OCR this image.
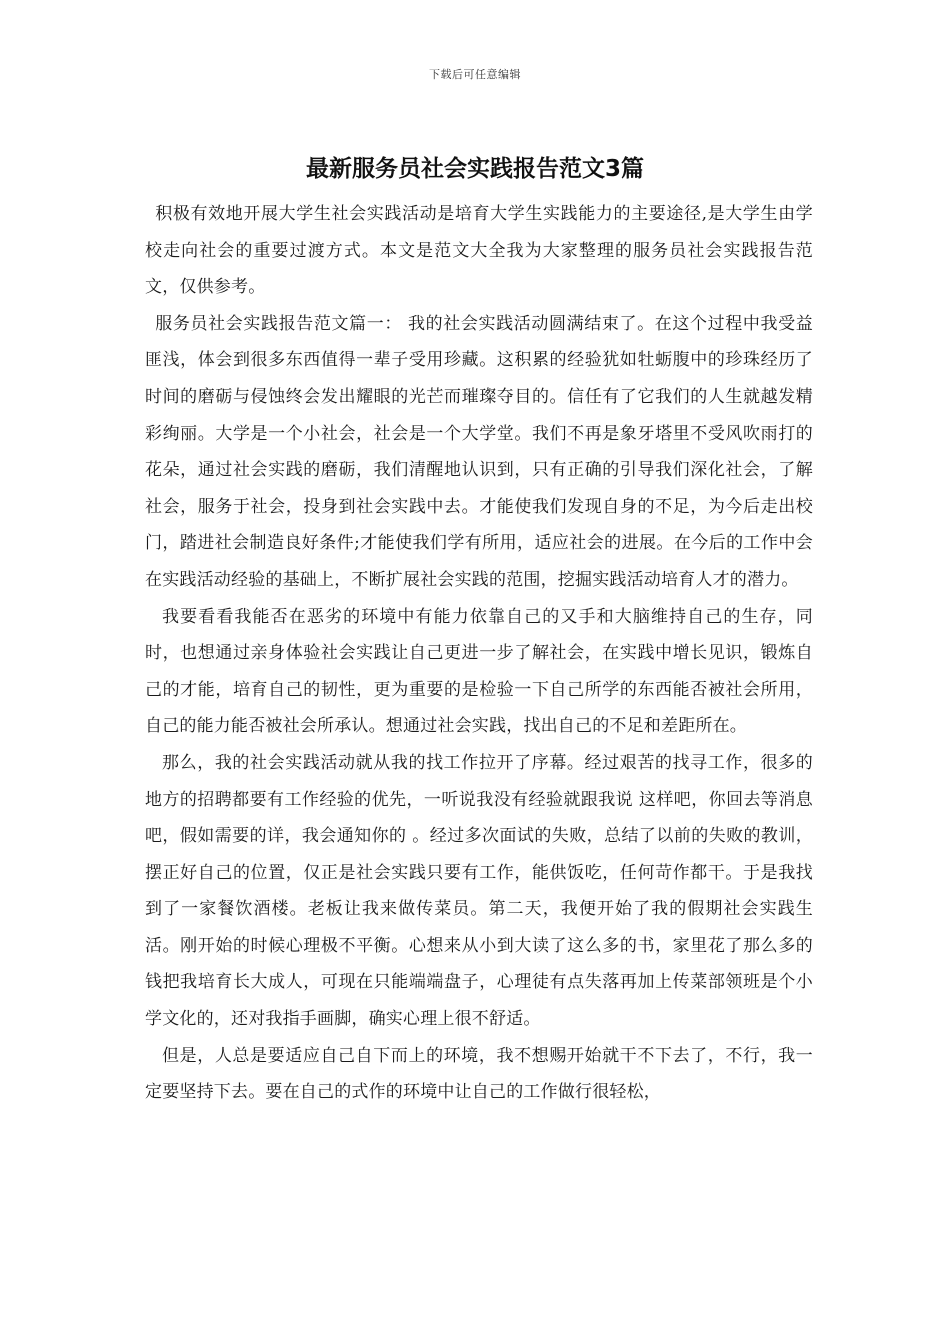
下载后可任意编辑
最新服务员社会实践报告范文3篇

积极有效地开展大学生社会实践活动是培育大学生实践能力的主要途径,是大学生由学校走向社会的重要过渡方式。本文是范文大全我为大家整理的服务员社会实践报告范文，仅供参考。

服务员社会实践报告范文篇一： 我的社会实践活动圆满结束了。在这个过程中我受益匪浅，体会到很多东西值得一辈子受用珍藏。这积累的经验犹如牡蛎腹中的珍珠经历了时间的磨砺与侵蚀终会发出耀眼的光芒而璀璨夺目的。信任有了它我们的人生就越发精彩绚丽。大学是一个小社会，社会是一个大学堂。我们不再是象牙塔里不受风吹雨打的花朵，通过社会实践的磨砺，我们清醒地认识到，只有正确的引导我们深化社会，了解社会，服务于社会，投身到社会实践中去。才能使我们发现自身的不足，为今后走出校门，踏进社会制造良好条件;才能使我们学有所用，适应社会的进展。在今后的工作中会在实践活动经验的基础上，不断扩展社会实践的范围，挖掘实践活动培育人才的潜力。

我要看看我能否在恶劣的环境中有能力依靠自己的又手和大脑维持自己的生存，同时，也想通过亲身体验社会实践让自己更进一步了解社会，在实践中增长见识，锻炼自己的才能，培育自己的韧性，更为重要的是检验一下自己所学的东西能否被社会所用，自己的能力能否被社会所承认。想通过社会实践，找出自己的不足和差距所在。

那么，我的社会实践活动就从我的找工作拉开了序幕。经过艰苦的找寻工作，很多的地方的招聘都要有工作经验的优先，一听说我没有经验就跟我说 这样吧，你回去等消息吧，假如需要的详，我会通知你的 。经过多次面试的失败，总结了以前的失败的教训，摆正好自己的位置，仅正是社会实践只要有工作，能供饭吃，任何苛作都干。于是我找到了一家餐饮酒楼。老板让我来做传菜员。第二天，我便开始了我的假期社会实践生活。刚开始的时候心理极不平衡。心想来从小到大读了这么多的书，家里花了那么多的钱把我培育长大成人，可现在只能端端盘子，心理徒有点失落再加上传菜部领班是个小学文化的，还对我指手画脚，确实心理上很不舒适。

但是，人总是要适应自己自下而上的环境，我不想赐开始就干不下去了，不行，我一定要坚持下去。要在自己的式作的环境中让自己的工作做行很轻松，
